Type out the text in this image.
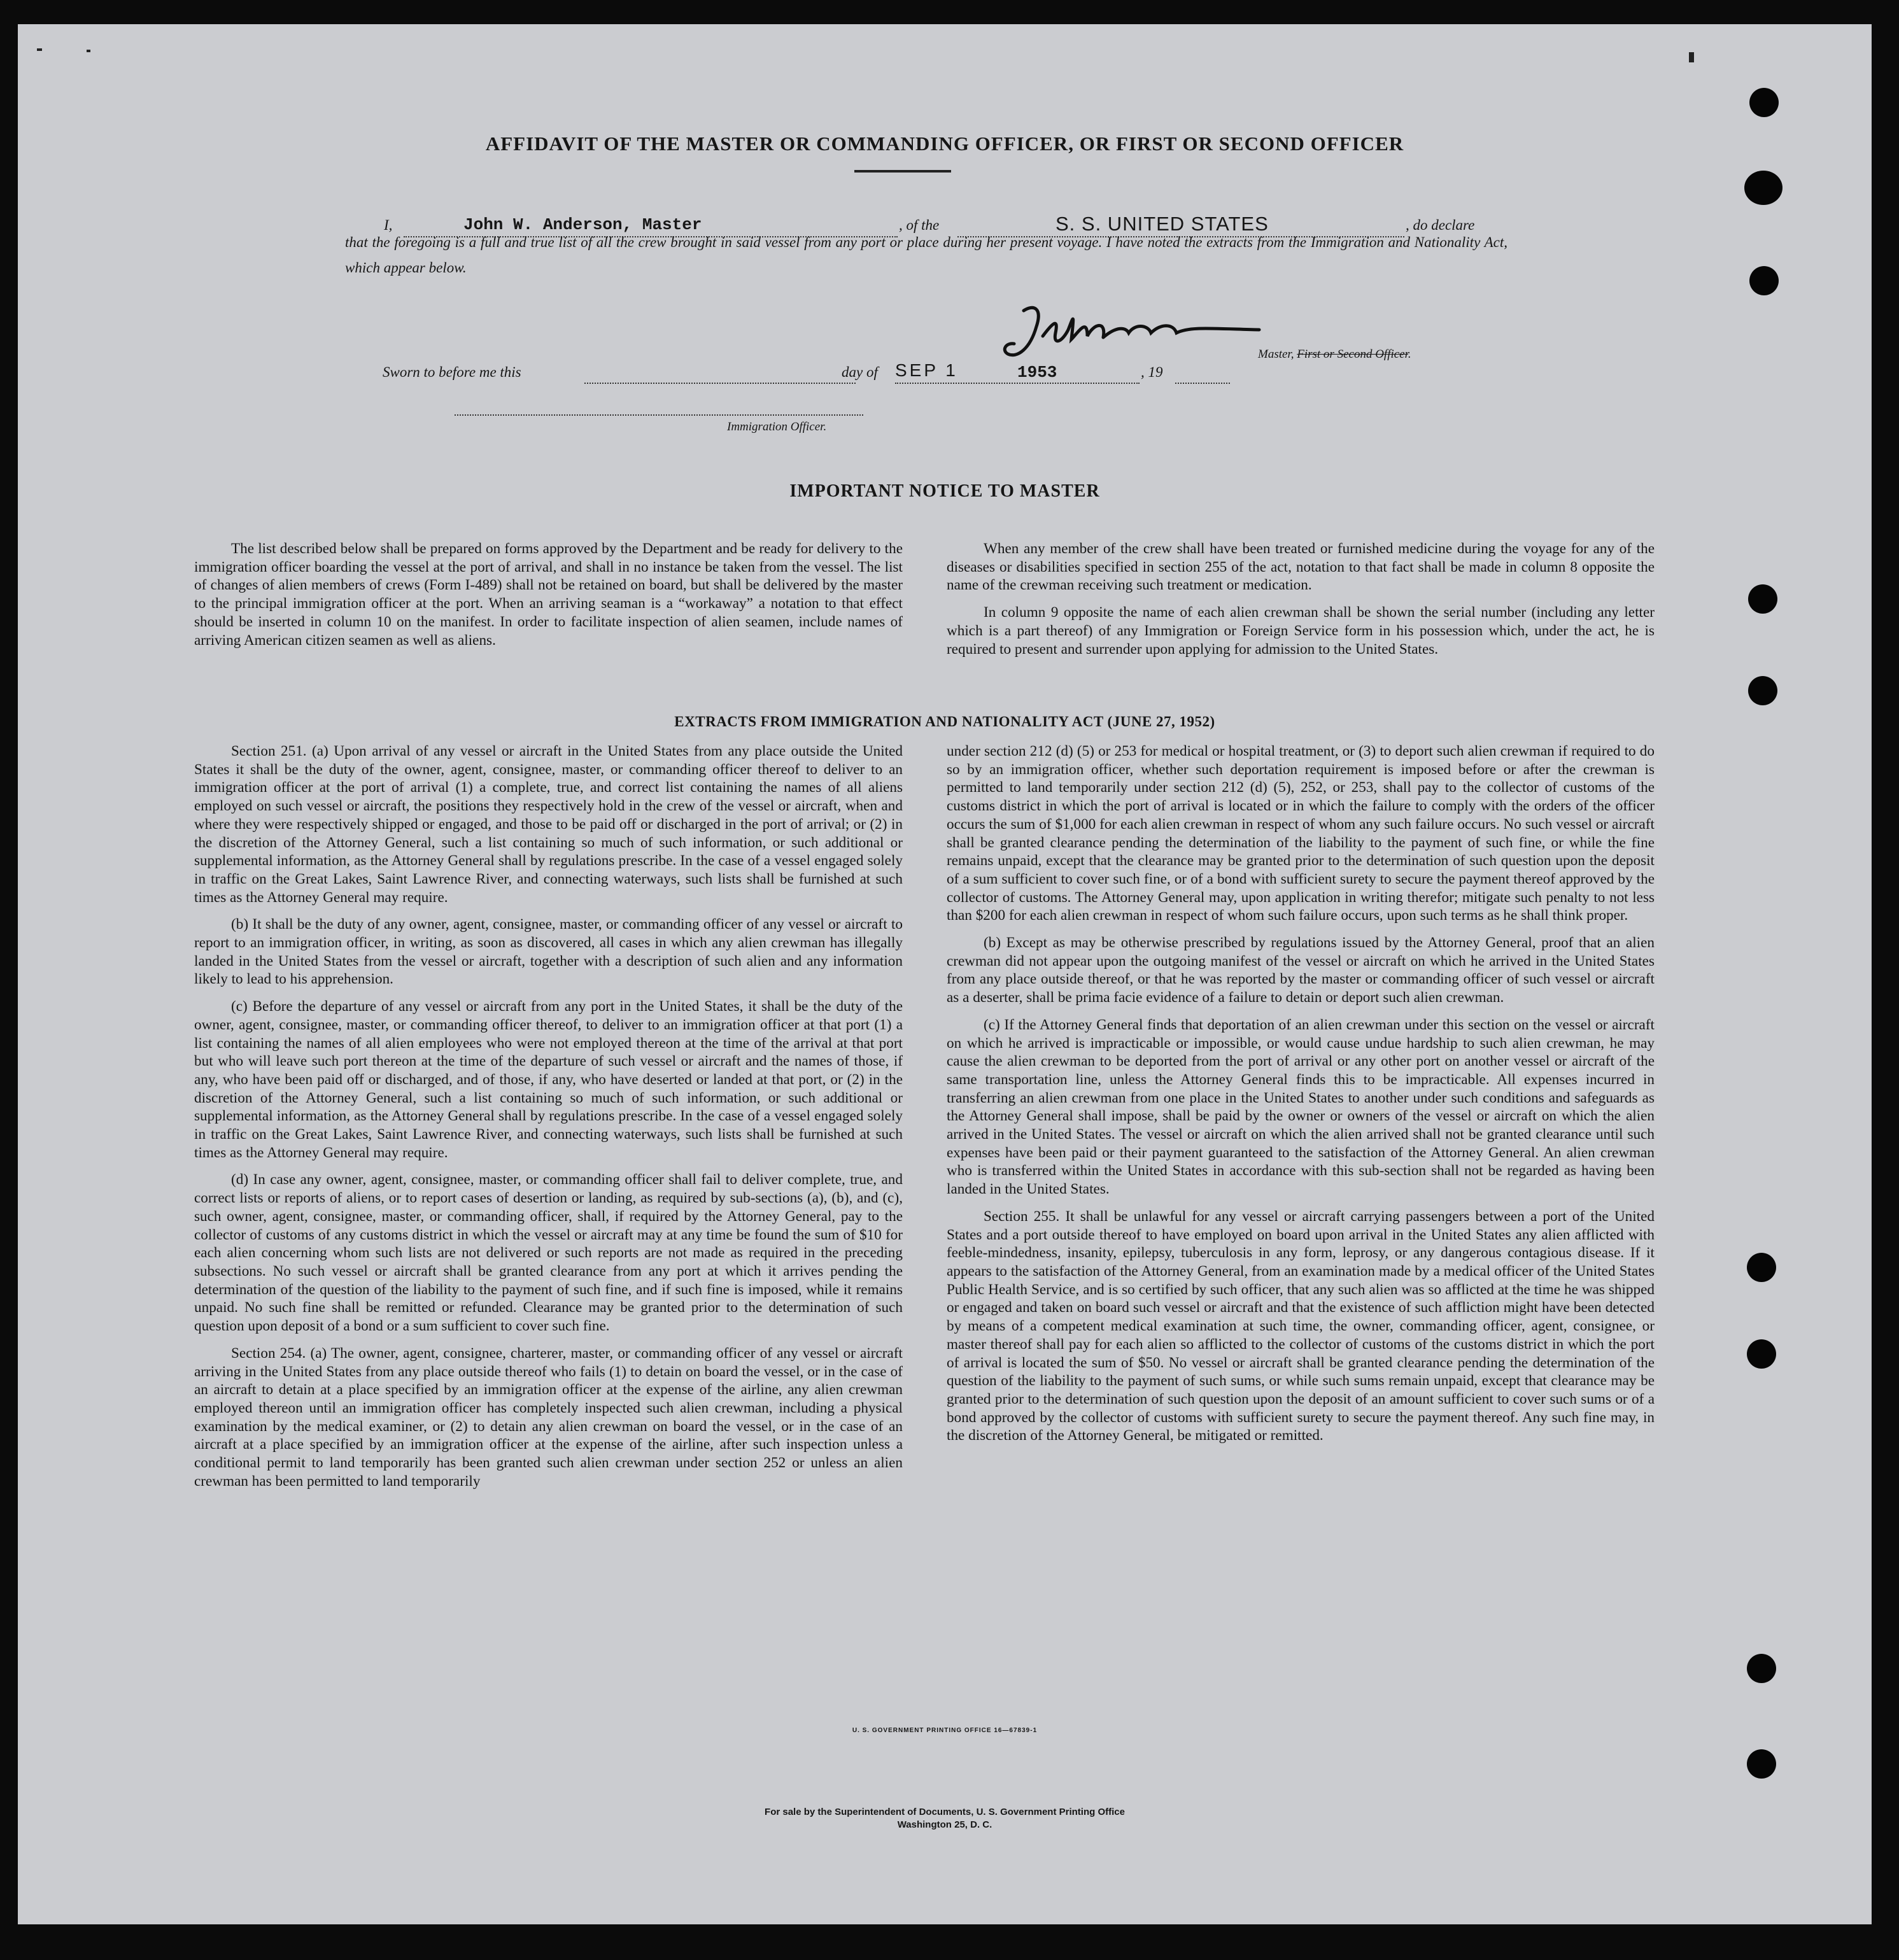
AFFIDAVIT OF THE MASTER OR COMMANDING OFFICER, OR FIRST OR SECOND OFFICER
I,	John W. Anderson, Master	, of the	S. S. UNITED STATES	, do declare
that the foregoing is a full and true list of all the crew brought in said vessel from any port or place during her present voyage. I have noted the extracts from the Immigration and Nationality Act, which appear below.
Master, First or Second Officer.
Sworn to before me this	day of SEP 1	1953	, 19
Immigration Officer.
IMPORTANT NOTICE TO MASTER

The list described below shall be prepared on forms approved by the Department and be ready for delivery to the immigration officer boarding the vessel at the port of arrival, and shall in no instance be taken from the vessel. The list of changes of alien members of crews (Form I-489) shall not be retained on board, but shall be delivered by the master to the principal immigration officer at the port. When an arriving seaman is a “workaway” a notation to that effect should be inserted in column 10 on the manifest. In order to facilitate inspection of alien seamen, include names of arriving American citizen seamen as well as aliens.

When any member of the crew shall have been treated or furnished medicine during the voyage for any of the diseases or disabilities specified in section 255 of the act, notation to that fact shall be made in column 8 opposite the name of the crewman receiving such treatment or medication.

In column 9 opposite the name of each alien crewman shall be shown the serial number (including any letter which is a part thereof) of any Immigration or Foreign Service form in his possession which, under the act, he is required to present and surrender upon applying for admission to the United States.

EXTRACTS FROM IMMIGRATION AND NATIONALITY ACT (JUNE 27, 1952)

Section 251. (a) Upon arrival of any vessel or aircraft in the United States from any place outside the United States it shall be the duty of the owner, agent, consignee, master, or commanding officer thereof to deliver to an immigration officer at the port of arrival (1) a complete, true, and correct list containing the names of all aliens employed on such vessel or aircraft, the positions they respectively hold in the crew of the vessel or aircraft, when and where they were respectively shipped or engaged, and those to be paid off or discharged in the port of arrival; or (2) in the discretion of the Attorney General, such a list containing so much of such information, or such additional or supplemental information, as the Attorney General shall by regulations prescribe. In the case of a vessel engaged solely in traffic on the Great Lakes, Saint Lawrence River, and connecting waterways, such lists shall be furnished at such times as the Attorney General may require.

(b) It shall be the duty of any owner, agent, consignee, master, or commanding officer of any vessel or aircraft to report to an immigration officer, in writing, as soon as discovered, all cases in which any alien crewman has illegally landed in the United States from the vessel or aircraft, together with a description of such alien and any information likely to lead to his apprehension.

(c) Before the departure of any vessel or aircraft from any port in the United States, it shall be the duty of the owner, agent, consignee, master, or commanding officer thereof, to deliver to an immigration officer at that port (1) a list containing the names of all alien employees who were not employed thereon at the time of the arrival at that port but who will leave such port thereon at the time of the departure of such vessel or aircraft and the names of those, if any, who have been paid off or discharged, and of those, if any, who have deserted or landed at that port, or (2) in the discretion of the Attorney General, such a list containing so much of such information, or such additional or supplemental information, as the Attorney General shall by regulations prescribe. In the case of a vessel engaged solely in traffic on the Great Lakes, Saint Lawrence River, and connecting waterways, such lists shall be furnished at such times as the Attorney General may require.

(d) In case any owner, agent, consignee, master, or commanding officer shall fail to deliver complete, true, and correct lists or reports of aliens, or to report cases of desertion or landing, as required by sub-sections (a), (b), and (c), such owner, agent, consignee, master, or commanding officer, shall, if required by the Attorney General, pay to the collector of customs of any customs district in which the vessel or aircraft may at any time be found the sum of $10 for each alien concerning whom such lists are not delivered or such reports are not made as required in the preceding subsections. No such vessel or aircraft shall be granted clearance from any port at which it arrives pending the determination of the question of the liability to the payment of such fine, and if such fine is imposed, while it remains unpaid. No such fine shall be remitted or refunded. Clearance may be granted prior to the determination of such question upon deposit of a bond or a sum sufficient to cover such fine.

Section 254. (a) The owner, agent, consignee, charterer, master, or commanding officer of any vessel or aircraft arriving in the United States from any place outside thereof who fails (1) to detain on board the vessel, or in the case of an aircraft to detain at a place specified by an immigration officer at the expense of the airline, any alien crewman employed thereon until an immigration officer has completely inspected such alien crewman, including a physical examination by the medical examiner, or (2) to detain any alien crewman on board the vessel, or in the case of an aircraft at a place specified by an immigration officer at the expense of the airline, after such inspection unless a conditional permit to land temporarily has been granted such alien crewman under section 252 or unless an alien crewman has been permitted to land temporarily

under section 212 (d) (5) or 253 for medical or hospital treatment, or (3) to deport such alien crewman if required to do so by an immigration officer, whether such deportation requirement is imposed before or after the crewman is permitted to land temporarily under section 212 (d) (5), 252, or 253, shall pay to the collector of customs of the customs district in which the port of arrival is located or in which the failure to comply with the orders of the officer occurs the sum of $1,000 for each alien crewman in respect of whom any such failure occurs. No such vessel or aircraft shall be granted clearance pending the determination of the liability to the payment of such fine, or while the fine remains unpaid, except that the clearance may be granted prior to the determination of such question upon the deposit of a sum sufficient to cover such fine, or of a bond with sufficient surety to secure the payment thereof approved by the collector of customs. The Attorney General may, upon application in writing therefor; mitigate such penalty to not less than $200 for each alien crewman in respect of whom such failure occurs, upon such terms as he shall think proper.

(b) Except as may be otherwise prescribed by regulations issued by the Attorney General, proof that an alien crewman did not appear upon the outgoing manifest of the vessel or aircraft on which he arrived in the United States from any place outside thereof, or that he was reported by the master or commanding officer of such vessel or aircraft as a deserter, shall be prima facie evidence of a failure to detain or deport such alien crewman.

(c) If the Attorney General finds that deportation of an alien crewman under this section on the vessel or aircraft on which he arrived is impracticable or impossible, or would cause undue hardship to such alien crewman, he may cause the alien crewman to be deported from the port of arrival or any other port on another vessel or aircraft of the same transportation line, unless the Attorney General finds this to be impracticable. All expenses incurred in transferring an alien crewman from one place in the United States to another under such conditions and safeguards as the Attorney General shall impose, shall be paid by the owner or owners of the vessel or aircraft on which the alien arrived in the United States. The vessel or aircraft on which the alien arrived shall not be granted clearance until such expenses have been paid or their payment guaranteed to the satisfaction of the Attorney General. An alien crewman who is transferred within the United States in accordance with this sub-section shall not be regarded as having been landed in the United States.

Section 255. It shall be unlawful for any vessel or aircraft carrying passengers between a port of the United States and a port outside thereof to have employed on board upon arrival in the United States any alien afflicted with feeble-mindedness, insanity, epilepsy, tuberculosis in any form, leprosy, or any dangerous contagious disease. If it appears to the satisfaction of the Attorney General, from an examination made by a medical officer of the United States Public Health Service, and is so certified by such officer, that any such alien was so afflicted at the time he was shipped or engaged and taken on board such vessel or aircraft and that the existence of such affliction might have been detected by means of a competent medical examination at such time, the owner, commanding officer, agent, consignee, or master thereof shall pay for each alien so afflicted to the collector of customs of the customs district in which the port of arrival is located the sum of $50. No vessel or aircraft shall be granted clearance pending the determination of the question of the liability to the payment of such sums, or while such sums remain unpaid, except that clearance may be granted prior to the determination of such question upon the deposit of an amount sufficient to cover such sums or of a bond approved by the collector of customs with sufficient surety to secure the payment thereof. Any such fine may, in the discretion of the Attorney General, be mitigated or remitted.

U. S. GOVERNMENT PRINTING OFFICE 16—67839-1
For sale by the Superintendent of Documents, U. S. Government Printing Office
Washington 25, D. C.
